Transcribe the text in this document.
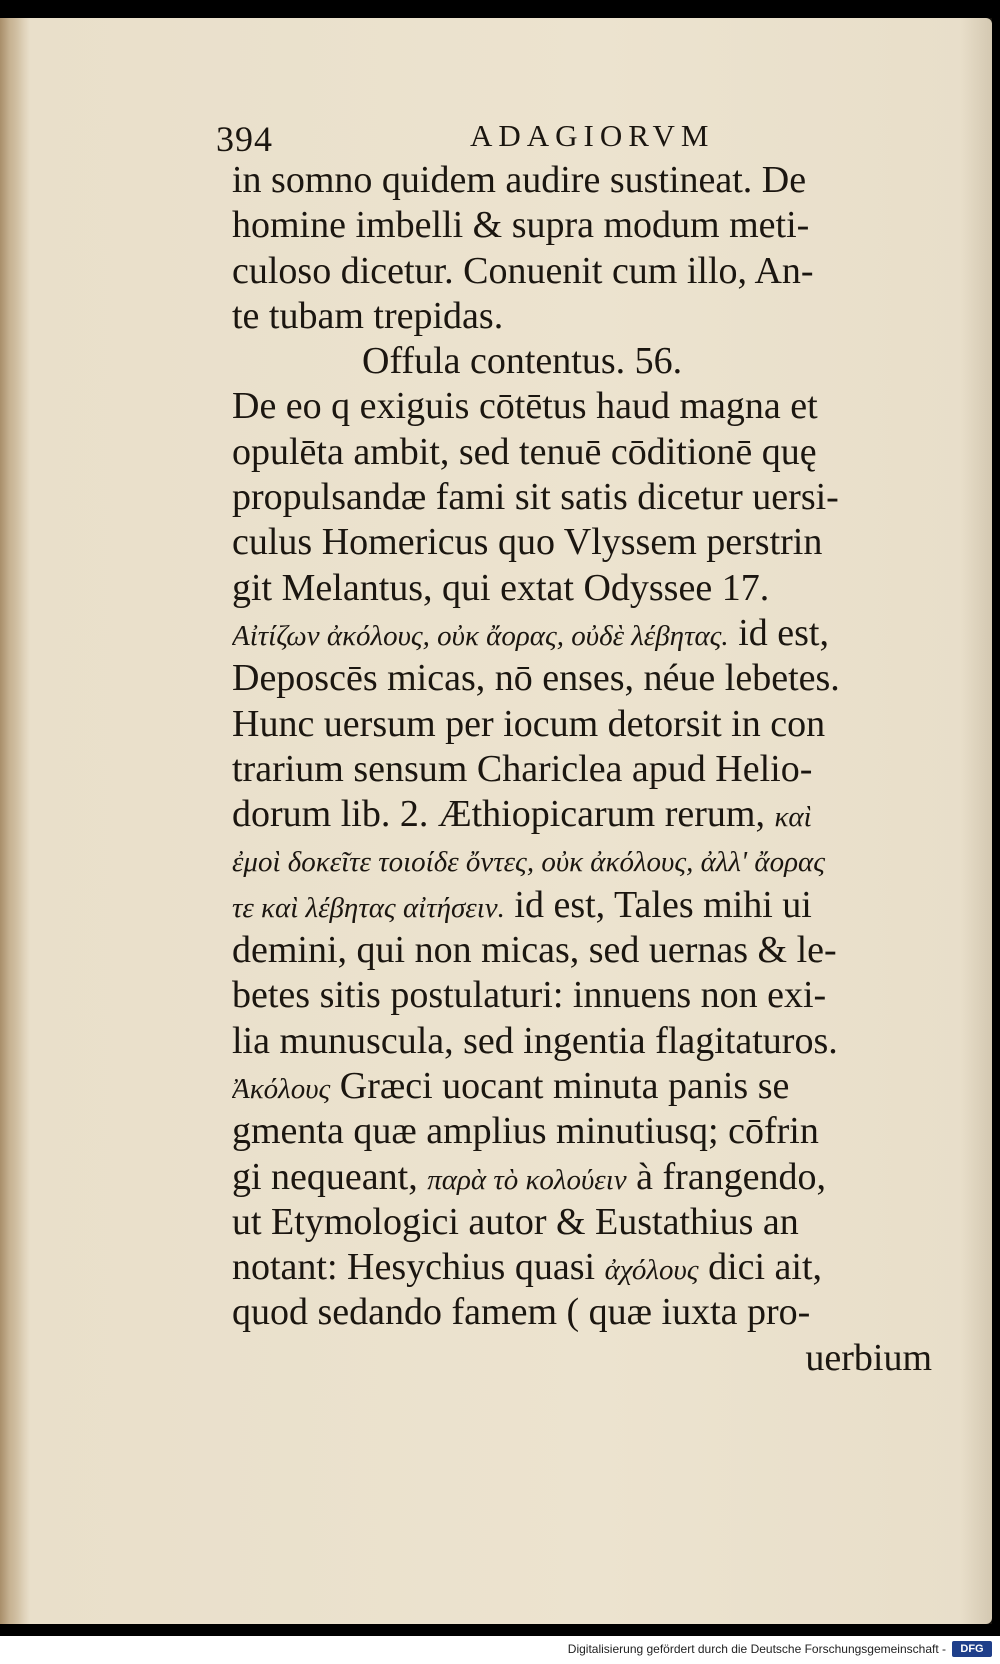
394	ADAGIORVM
in somno quidem audire sustineat. De
homine imbelli & supra modum meti-
culoso dicetur. Conuenit cum illo, An-
te tubam trepidas.
Offula contentus. 56.
De eo q exiguis cōtētus haud magna et
opulēta ambit, sed tenuē cōditionē quę
propulsandæ fami sit satis dicetur uersi-
culus Homericus quo Vlyssem perstrin
git Melantus, qui extat Odyssee 17.
Αἰτίζων ἀκόλους, οὐκ ἄορας, οὐδὲ λέβητας. id est,
Deposcēs micas, nō enses, néue lebetes.
Hunc uersum per iocum detorsit in con
trarium sensum Chariclea apud Helio-
dorum lib. 2. Æthiopicarum rerum, καὶ
ἐμοὶ δοκεῖτε τοιοίδε ὄντες, οὐκ ἀκόλους, ἀλλ' ἄορας
τε καὶ λέβητας αἰτήσειν. id est, Tales mihi ui
demini, qui non micas, sed uernas & le-
betes sitis postulaturi: innuens non exi-
lia munuscula, sed ingentia flagitaturos.
Ἀκόλους Græci uocant minuta panis se
gmenta quæ amplius minutiusq; cōfrin
gi nequeant, παρὰ τὸ κολούειν à frangendo,
ut Etymologici autor & Eustathius an
notant: Hesychius quasi ἀχόλους dici ait,
quod sedando famem ( quæ iuxta pro-
uerbium
Digitalisierung gefördert durch die Deutsche Forschungsgemeinschaft -	DFG
